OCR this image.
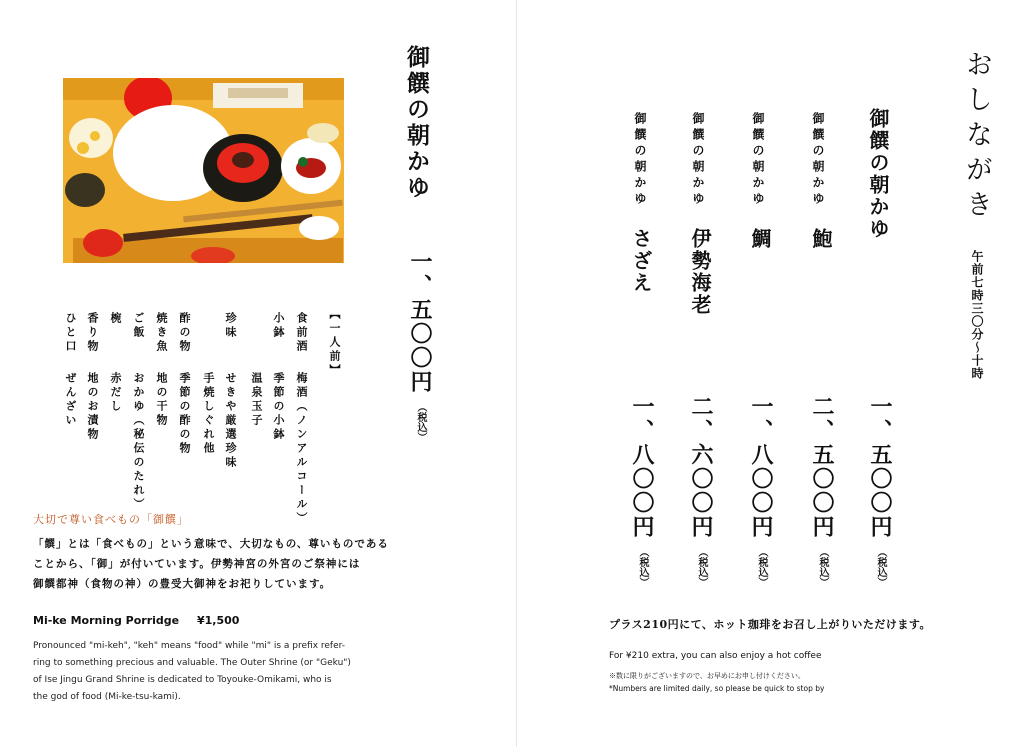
御饌の朝かゆ
一、五〇〇円
（税込）
【一人前】
食前酒
梅酒（ノンアルコール）
小鉢
季節の小鉢
温泉玉子
珍味
せきや厳選珍味
手焼しぐれ他
酢の物
季節の酢の物
焼き魚
地の干物
ご飯
おかゆ（秘伝のたれ）
椀
赤だし
香り物
地のお漬物
ひと口
ぜんざい
大切で尊い食べもの「御饌」
「饌」とは「食べもの」という意味で、大切なもの、尊いものである
ことから、「御」が付いています。伊勢神宮の外宮のご祭神には
御饌都神（食物の神）の豊受大御神をお祀りしています。
Mi-ke Morning Porridge ¥1,500

Pronounced "mi-keh", "keh" means "food" while "mi" is a prefix refer-

ring to something precious and valuable. The Outer Shrine (or "Geku")

of Ise Jingu Grand Shrine is dedicated to Toyouke-Omikami, who is

the god of food (Mi-ke-tsu-kami).

おしながき
午前七時三〇分〜十時
御饌の朝かゆ
一、五〇〇円
（税込）
御饌の朝かゆ
鮑
二、五〇〇円
（税込）
御饌の朝かゆ
鯛
一、八〇〇円
（税込）
御饌の朝かゆ
伊勢海老
二、六〇〇円
（税込）
御饌の朝かゆ
さざえ
一、八〇〇円
（税込）
プラス210円にて、ホット珈琲をお召し上がりいただけます。
For ¥210 extra, you can also enjoy a hot coffee
※数に限りがございますので、お早めにお申し付けください。
*Numbers are limited daily, so please be quick to stop by
